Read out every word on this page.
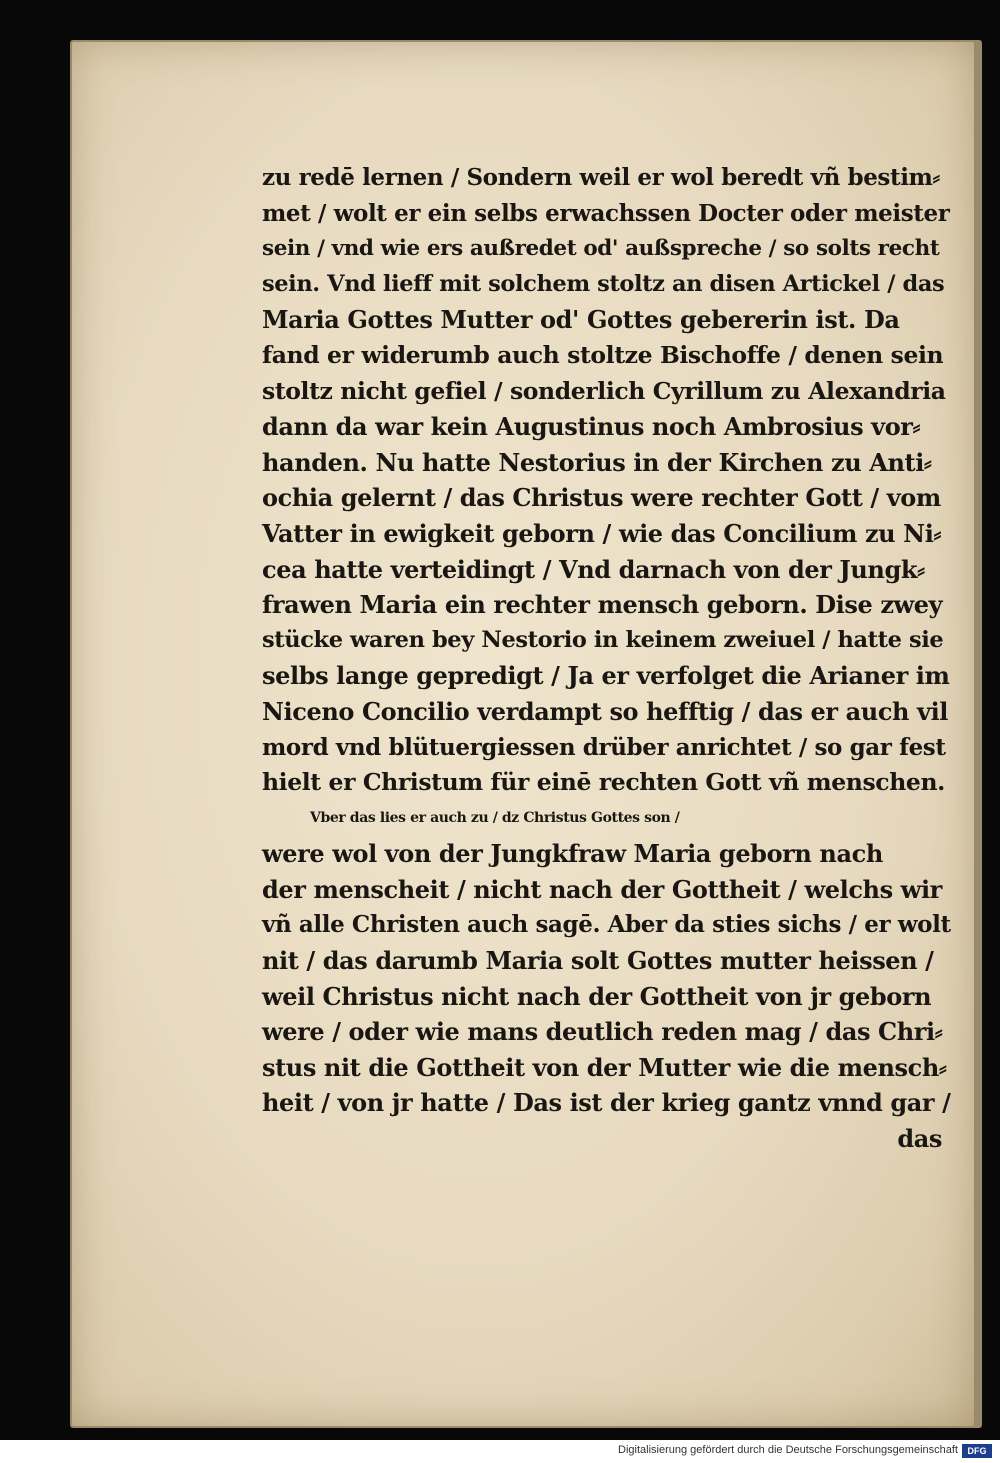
zu redē lernen / Sondern weil er wol beredt vñ bestim⸗

met / wolt er ein selbs erwachssen Docter oder meister

sein / vnd wie ers außredet od' außspreche / so solts recht

sein. Vnd lieff mit solchem stoltz an disen Artickel / das

Maria Gottes Mutter od' Gottes gebererin ist. Da

fand er widerumb auch stoltze Bischoffe / denen sein

stoltz nicht gefiel / sonderlich Cyrillum zu Alexandria

dann da war kein Augustinus noch Ambrosius vor⸗

handen. Nu hatte Nestorius in der Kirchen zu Anti⸗

ochia gelernt / das Christus were rechter Gott / vom

Vatter in ewigkeit geborn / wie das Concilium zu Ni⸗

cea hatte verteidingt / Vnd darnach von der Jungk⸗

frawen Maria ein rechter mensch geborn. Dise zwey

stücke waren bey Nestorio in keinem zweiuel / hatte sie

selbs lange gepredigt / Ja er verfolget die Arianer im

Niceno Concilio verdampt so hefftig / das er auch vil

mord vnd blütuergiessen drüber anrichtet / so gar fest

hielt er Christum für einē rechten Gott vñ menschen.

Vber das lies er auch zu / dz Christus Gottes son /

were wol von der Jungkfraw Maria geborn nach

der menscheit / nicht nach der Gottheit / welchs wir

vñ alle Christen auch sagē. Aber da sties sichs / er wolt

nit / das darumb Maria solt Gottes mutter heissen /

weil Christus nicht nach der Gottheit von jr geborn

were / oder wie mans deutlich reden mag / das Chri⸗

stus nit die Gottheit von der Mutter wie die mensch⸗

heit / von jr hatte / Das ist der krieg gantz vnnd gar /

das

Digitalisierung gefördert durch die Deutsche Forschungsgemeinschaft	DFG
